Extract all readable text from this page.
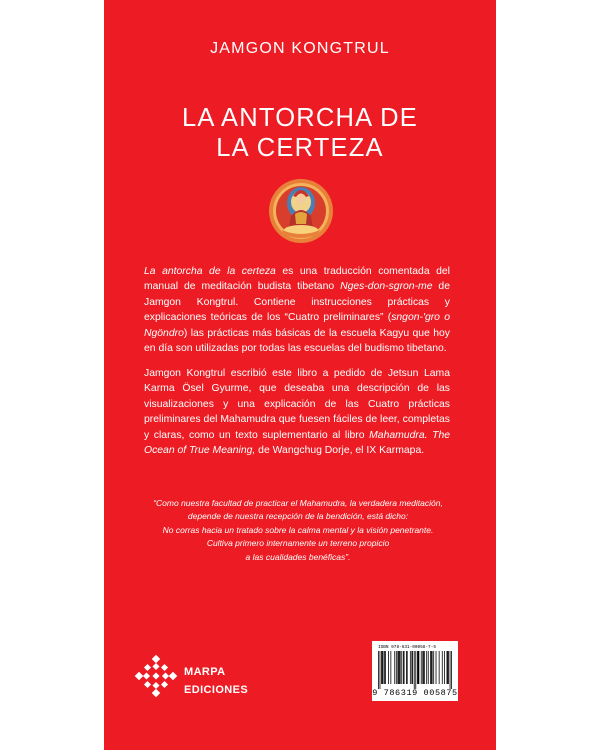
JAMGON KONGTRUL
LA ANTORCHA DE
LA CERTEZA

La antorcha de la certeza es una traducción comentada del manual de meditación budista tibetano Nges-don-sgron-me de Jamgon Kongtrul. Contiene instrucciones prácticas y explicaciones teóricas de los “Cuatro preliminares” (sngon-'gro o Ngöndro) las prácticas más básicas de la escuela Kagyu que hoy en día son utilizadas por todas las escuelas del budismo tibetano.

Jamgon Kongtrul escribió este libro a pedido de Jetsun Lama Karma Ösel Gyurme, que deseaba una descripción de las visualizaciones y una explicación de las Cuatro prácticas preliminares del Mahamudra que fuesen fáciles de leer, completas y claras, como un texto suplementario al libro Mahamudra. The Ocean of True Meaning, de Wangchug Dorje, el IX Karmapa.

“Como nuestra facultad de practicar el Mahamudra, la verdadera meditación,
depende de nuestra recepción de la bendición, está dicho:
No corras hacia un tratado sobre la calma mental y la visión penetrante.
Cultiva primero internamente un terreno propicio
a las cualidades benéficas”.
MARPA
EDICIONES
ISBN 978-631-00058-7-5
9 786319 005875
